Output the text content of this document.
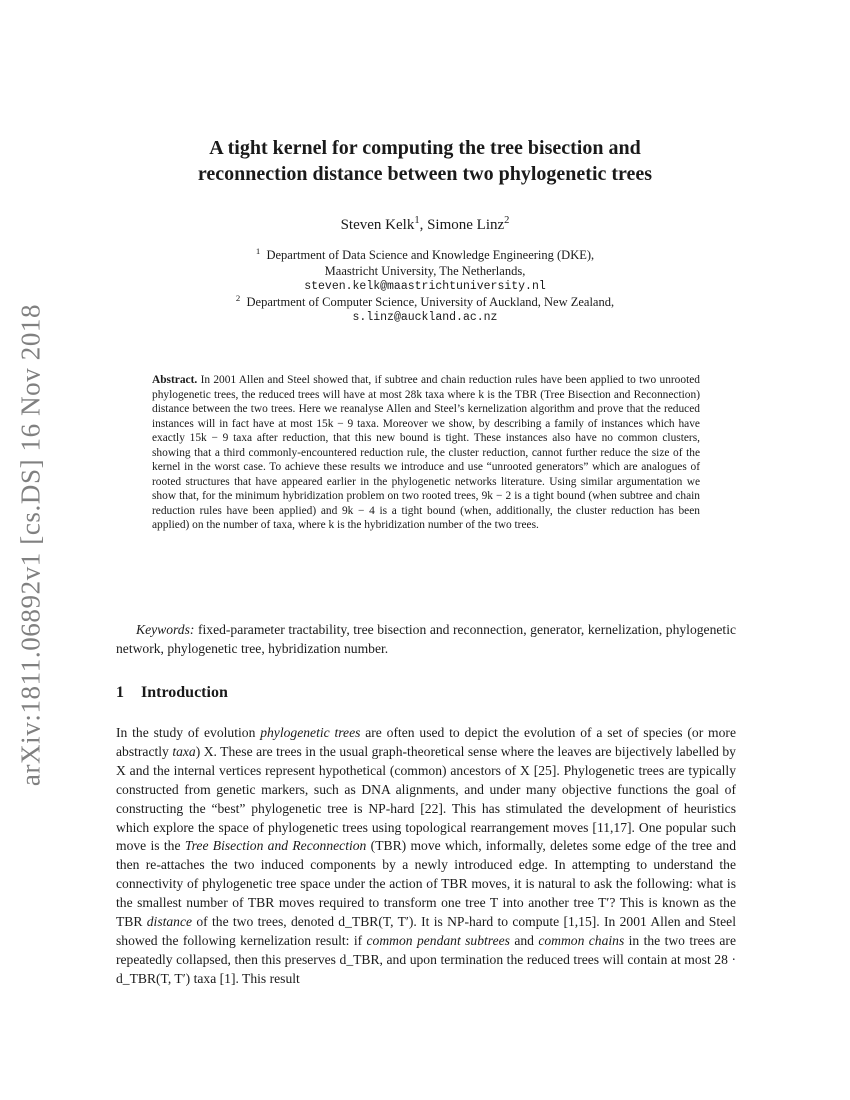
arXiv:1811.06892v1 [cs.DS] 16 Nov 2018
A tight kernel for computing the tree bisection and
reconnection distance between two phylogenetic trees
Steven Kelk$^1$, Simone Linz$^2$
$^1$ Department of Data Science and Knowledge Engineering (DKE),
Maastricht University, The Netherlands,
steven.kelk@maastrichtuniversity.nl
$^2$ Department of Computer Science, University of Auckland, New Zealand,
s.linz@auckland.ac.nz
Abstract. In 2001 Allen and Steel showed that, if subtree and chain reduction rules have been applied to two unrooted phylogenetic trees, the reduced trees will have at most 28k taxa where k is the TBR (Tree Bisection and Reconnection) distance between the two trees. Here we reanalyse Allen and Steel’s kernelization algorithm and prove that the reduced instances will in fact have at most 15k − 9 taxa. Moreover we show, by describing a family of instances which have exactly 15k − 9 taxa after reduction, that this new bound is tight. These instances also have no common clusters, showing that a third commonly-encountered reduction rule, the cluster reduction, cannot further reduce the size of the kernel in the worst case. To achieve these results we introduce and use “unrooted generators” which are analogues of rooted structures that have appeared earlier in the phylogenetic networks literature. Using similar argumentation we show that, for the minimum hybridization problem on two rooted trees, 9k − 2 is a tight bound (when subtree and chain reduction rules have been applied) and 9k − 4 is a tight bound (when, additionally, the cluster reduction has been applied) on the number of taxa, where k is the hybridization number of the two trees.
Keywords: fixed-parameter tractability, tree bisection and reconnection, generator, kernelization, phylogenetic network, phylogenetic tree, hybridization number.
1 Introduction
In the study of evolution phylogenetic trees are often used to depict the evolution of a set of species (or more abstractly taxa) X. These are trees in the usual graph-theoretical sense where the leaves are bijectively labelled by X and the internal vertices represent hypothetical (common) ancestors of X [25]. Phylogenetic trees are typically constructed from genetic markers, such as DNA alignments, and under many objective functions the goal of constructing the “best” phylogenetic tree is NP-hard [22]. This has stimulated the development of heuristics which explore the space of phylogenetic trees using topological rearrangement moves [11,17]. One popular such move is the Tree Bisection and Reconnection (TBR) move which, informally, deletes some edge of the tree and then re-attaches the two induced components by a newly introduced edge. In attempting to understand the connectivity of phylogenetic tree space under the action of TBR moves, it is natural to ask the following: what is the smallest number of TBR moves required to transform one tree T into another tree T′? This is known as the TBR distance of the two trees, denoted d_TBR(T, T′). It is NP-hard to compute [1,15]. In 2001 Allen and Steel showed the following kernelization result: if common pendant subtrees and common chains in the two trees are repeatedly collapsed, then this preserves d_TBR, and upon termination the reduced trees will contain at most 28 · d_TBR(T, T′) taxa [1]. This result
